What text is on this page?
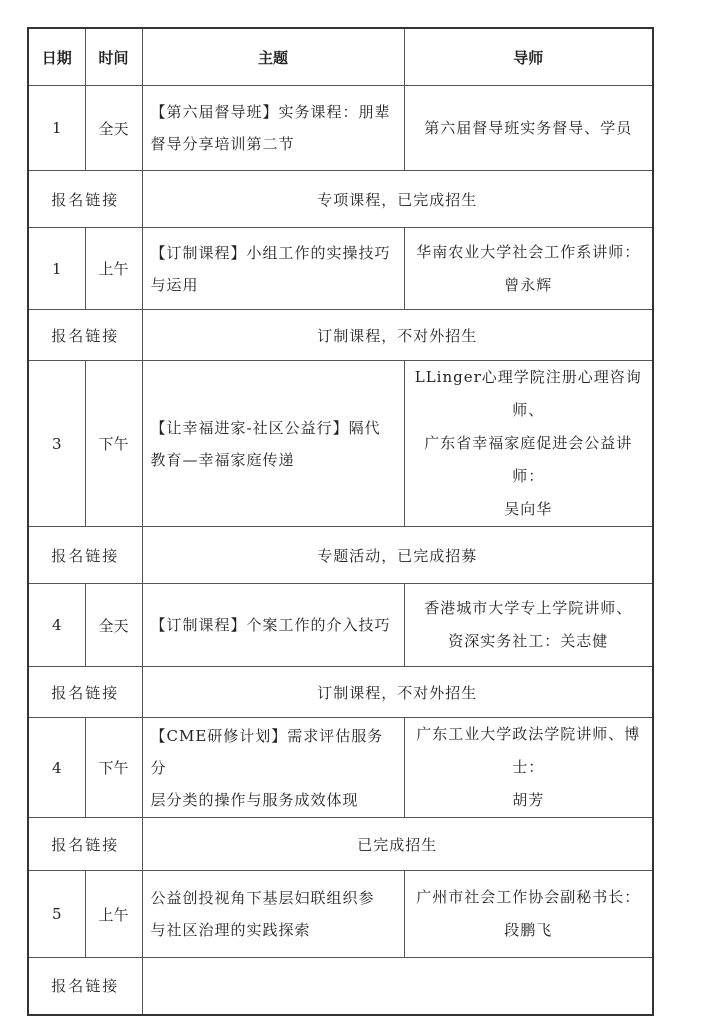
日期	时间	主题	导师
1	全天	【第六届督导班】实务课程：朋辈
督导分享培训第二节	第六届督导班实务督导、学员

报名链接		专项课程，已完成招生	
1	上午	【订制课程】小组工作的实操技巧
与运用	华南农业大学社会工作系讲师：
曾永辉

报名链接		订制课程，不对外招生	
3	下午	【让幸福进家-社区公益行】隔代
教育—幸福家庭传递	LLinger心理学院注册心理咨询师、
广东省幸福家庭促进会公益讲师：
吴向华

报名链接		专题活动，已完成招募	
4	全天	【订制课程】个案工作的介入技巧	香港城市大学专上学院讲师、
资深实务社工：关志健

报名链接		订制课程，不对外招生	
4	下午	【CME研修计划】需求评估服务分
层分类的操作与服务成效体现	广东工业大学政法学院讲师、博士：
胡芳

报名链接		已完成招生	
5	上午	公益创投视角下基层妇联组织参
与社区治理的实践探索	广州市社会工作协会副秘书长：
段鹏飞

报名链接			
